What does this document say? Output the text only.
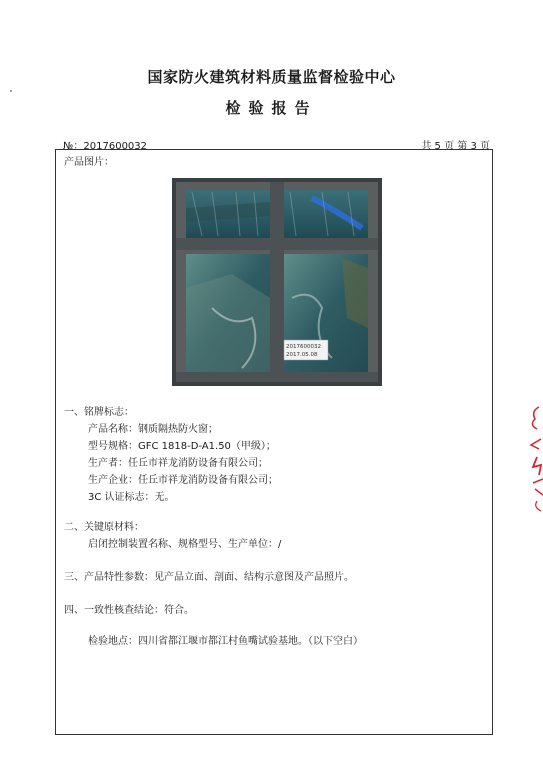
国家防火建筑材料质量监督检验中心
检验报告
№：2017600032	共 5 页 第 3 页
产品图片：
2017600032
2017.05.08
一、铭牌标志：
产品名称：钢质隔热防火窗；
型号规格：GFC 1818-D-A1.50（甲级）；
生产者：任丘市祥龙消防设备有限公司；
生产企业：任丘市祥龙消防设备有限公司；
3C 认证标志：无。
二、关键原材料：
启闭控制装置名称、规格型号、生产单位：/
三、产品特性参数：见产品立面、剖面、结构示意图及产品照片。
四、一致性核查结论：符合。
检验地点：四川省都江堰市都江村鱼嘴试验基地。（以下空白）
